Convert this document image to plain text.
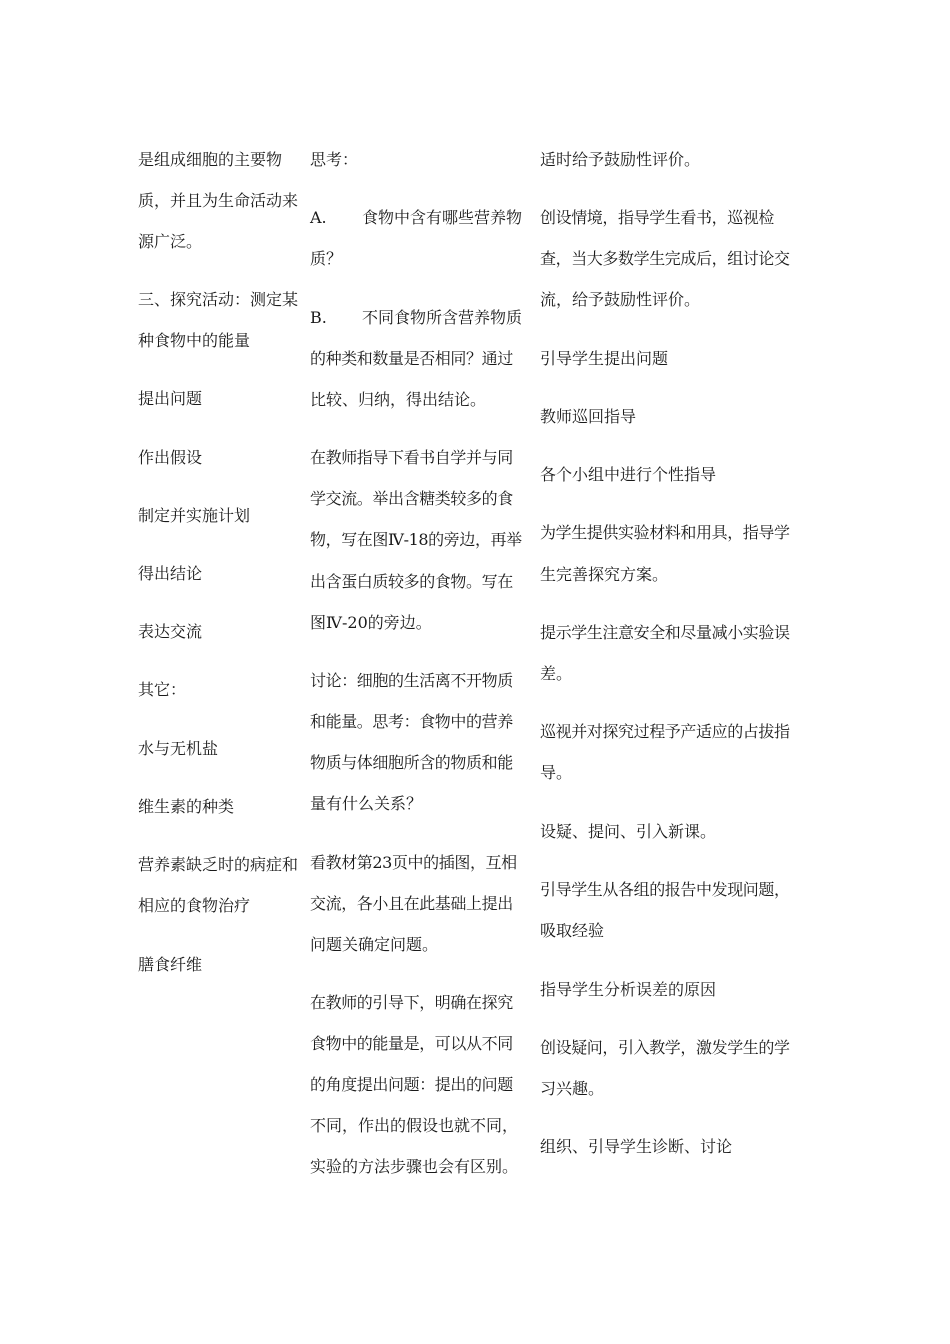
是组成细胞的主要物
质，并且为生命活动来
源广泛。
三、探究活动：测定某
种食物中的能量
提出问题
作出假设
制定并实施计划
得出结论
表达交流
其它：
水与无机盐
维生素的种类
营养素缺乏时的病症和
相应的食物治疗
膳食纤维
思考：
A. 食物中含有哪些营养物
质？
B. 不同食物所含营养物质
的种类和数量是否相同？通过
比较、归纳，得出结论。
在教师指导下看书自学并与同
学交流。举出含糖类较多的食
物，写在图Ⅳ-18的旁边，再举
出含蛋白质较多的食物。写在
图Ⅳ-20的旁边。
讨论：细胞的生活离不开物质
和能量。思考：食物中的营养
物质与体细胞所含的物质和能
量有什么关系？
看教材第23页中的插图，互相
交流，各小且在此基础上提出
问题关确定问题。
在教师的引导下，明确在探究
食物中的能量是，可以从不同
的角度提出问题：提出的问题
不同，作出的假设也就不同，
实验的方法步骤也会有区别。
适时给予鼓励性评价。
创设情境，指导学生看书，巡视检
查，当大多数学生完成后，组讨论交
流，给予鼓励性评价。
引导学生提出问题
教师巡回指导
各个小组中进行个性指导
为学生提供实验材料和用具，指导学
生完善探究方案。
提示学生注意安全和尽量减小实验误
差。
巡视并对探究过程予产适应的占拔指
导。
设疑、提问、引入新课。
引导学生从各组的报告中发现问题，
吸取经验
指导学生分析误差的原因
创设疑问，引入教学，激发学生的学
习兴趣。
组织、引导学生诊断、讨论
